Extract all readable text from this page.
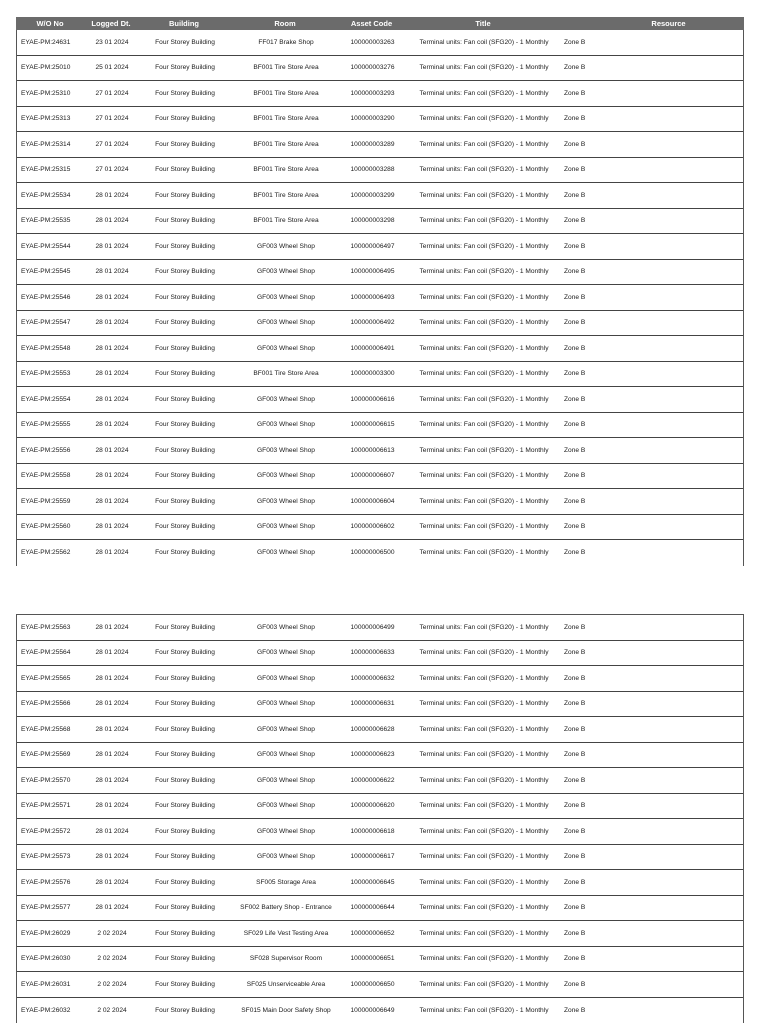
W/O No	Logged Dt.	Building	Room	Asset Code	Title	Resource
EYAE-PM:24631	23 01 2024	Four Storey Building	FF017 Brake Shop	100000003263	Terminal units: Fan coil (SFG20) - 1 Monthly	Zone B
EYAE-PM:25010	25 01 2024	Four Storey Building	BF001 Tire Store Area	100000003276	Terminal units: Fan coil (SFG20) - 1 Monthly	Zone B
EYAE-PM:25310	27 01 2024	Four Storey Building	BF001 Tire Store Area	100000003293	Terminal units: Fan coil (SFG20) - 1 Monthly	Zone B
EYAE-PM:25313	27 01 2024	Four Storey Building	BF001 Tire Store Area	100000003290	Terminal units: Fan coil (SFG20) - 1 Monthly	Zone B
EYAE-PM:25314	27 01 2024	Four Storey Building	BF001 Tire Store Area	100000003289	Terminal units: Fan coil (SFG20) - 1 Monthly	Zone B
EYAE-PM:25315	27 01 2024	Four Storey Building	BF001 Tire Store Area	100000003288	Terminal units: Fan coil (SFG20) - 1 Monthly	Zone B
EYAE-PM:25534	28 01 2024	Four Storey Building	BF001 Tire Store Area	100000003299	Terminal units: Fan coil (SFG20) - 1 Monthly	Zone B
EYAE-PM:25535	28 01 2024	Four Storey Building	BF001 Tire Store Area	100000003298	Terminal units: Fan coil (SFG20) - 1 Monthly	Zone B
EYAE-PM:25544	28 01 2024	Four Storey Building	GF003 Wheel Shop	100000006497	Terminal units: Fan coil (SFG20) - 1 Monthly	Zone B
EYAE-PM:25545	28 01 2024	Four Storey Building	GF003 Wheel Shop	100000006495	Terminal units: Fan coil (SFG20) - 1 Monthly	Zone B
EYAE-PM:25546	28 01 2024	Four Storey Building	GF003 Wheel Shop	100000006493	Terminal units: Fan coil (SFG20) - 1 Monthly	Zone B
EYAE-PM:25547	28 01 2024	Four Storey Building	GF003 Wheel Shop	100000006492	Terminal units: Fan coil (SFG20) - 1 Monthly	Zone B
EYAE-PM:25548	28 01 2024	Four Storey Building	GF003 Wheel Shop	100000006491	Terminal units: Fan coil (SFG20) - 1 Monthly	Zone B
EYAE-PM:25553	28 01 2024	Four Storey Building	BF001 Tire Store Area	100000003300	Terminal units: Fan coil (SFG20) - 1 Monthly	Zone B
EYAE-PM:25554	28 01 2024	Four Storey Building	GF003 Wheel Shop	100000006616	Terminal units: Fan coil (SFG20) - 1 Monthly	Zone B
EYAE-PM:25555	28 01 2024	Four Storey Building	GF003 Wheel Shop	100000006615	Terminal units: Fan coil (SFG20) - 1 Monthly	Zone B
EYAE-PM:25556	28 01 2024	Four Storey Building	GF003 Wheel Shop	100000006613	Terminal units: Fan coil (SFG20) - 1 Monthly	Zone B
EYAE-PM:25558	28 01 2024	Four Storey Building	GF003 Wheel Shop	100000006607	Terminal units: Fan coil (SFG20) - 1 Monthly	Zone B
EYAE-PM:25559	28 01 2024	Four Storey Building	GF003 Wheel Shop	100000006604	Terminal units: Fan coil (SFG20) - 1 Monthly	Zone B
EYAE-PM:25560	28 01 2024	Four Storey Building	GF003 Wheel Shop	100000006602	Terminal units: Fan coil (SFG20) - 1 Monthly	Zone B
EYAE-PM:25562	28 01 2024	Four Storey Building	GF003 Wheel Shop	100000006500	Terminal units: Fan coil (SFG20) - 1 Monthly	Zone B
EYAE-PM:25563	28 01 2024	Four Storey Building	GF003 Wheel Shop	100000006499	Terminal units: Fan coil (SFG20) - 1 Monthly	Zone B
EYAE-PM:25564	28 01 2024	Four Storey Building	GF003 Wheel Shop	100000006633	Terminal units: Fan coil (SFG20) - 1 Monthly	Zone B
EYAE-PM:25565	28 01 2024	Four Storey Building	GF003 Wheel Shop	100000006632	Terminal units: Fan coil (SFG20) - 1 Monthly	Zone B
EYAE-PM:25566	28 01 2024	Four Storey Building	GF003 Wheel Shop	100000006631	Terminal units: Fan coil (SFG20) - 1 Monthly	Zone B
EYAE-PM:25568	28 01 2024	Four Storey Building	GF003 Wheel Shop	100000006628	Terminal units: Fan coil (SFG20) - 1 Monthly	Zone B
EYAE-PM:25569	28 01 2024	Four Storey Building	GF003 Wheel Shop	100000006623	Terminal units: Fan coil (SFG20) - 1 Monthly	Zone B
EYAE-PM:25570	28 01 2024	Four Storey Building	GF003 Wheel Shop	100000006622	Terminal units: Fan coil (SFG20) - 1 Monthly	Zone B
EYAE-PM:25571	28 01 2024	Four Storey Building	GF003 Wheel Shop	100000006620	Terminal units: Fan coil (SFG20) - 1 Monthly	Zone B
EYAE-PM:25572	28 01 2024	Four Storey Building	GF003 Wheel Shop	100000006618	Terminal units: Fan coil (SFG20) - 1 Monthly	Zone B
EYAE-PM:25573	28 01 2024	Four Storey Building	GF003 Wheel Shop	100000006617	Terminal units: Fan coil (SFG20) - 1 Monthly	Zone B
EYAE-PM:25576	28 01 2024	Four Storey Building	SF005 Storage Area	100000006645	Terminal units: Fan coil (SFG20) - 1 Monthly	Zone B
EYAE-PM:25577	28 01 2024	Four Storey Building	SF002 Battery Shop - Entrance	100000006644	Terminal units: Fan coil (SFG20) - 1 Monthly	Zone B
EYAE-PM:26029	2 02 2024	Four Storey Building	SF029 Life Vest Testing Area	100000006652	Terminal units: Fan coil (SFG20) - 1 Monthly	Zone B
EYAE-PM:26030	2 02 2024	Four Storey Building	SF028 Supervisor Room	100000006651	Terminal units: Fan coil (SFG20) - 1 Monthly	Zone B
EYAE-PM:26031	2 02 2024	Four Storey Building	SF025 Unserviceable Area	100000006650	Terminal units: Fan coil (SFG20) - 1 Monthly	Zone B
EYAE-PM:26032	2 02 2024	Four Storey Building	SF015 Main Door Safety Shop	100000006649	Terminal units: Fan coil (SFG20) - 1 Monthly	Zone B
